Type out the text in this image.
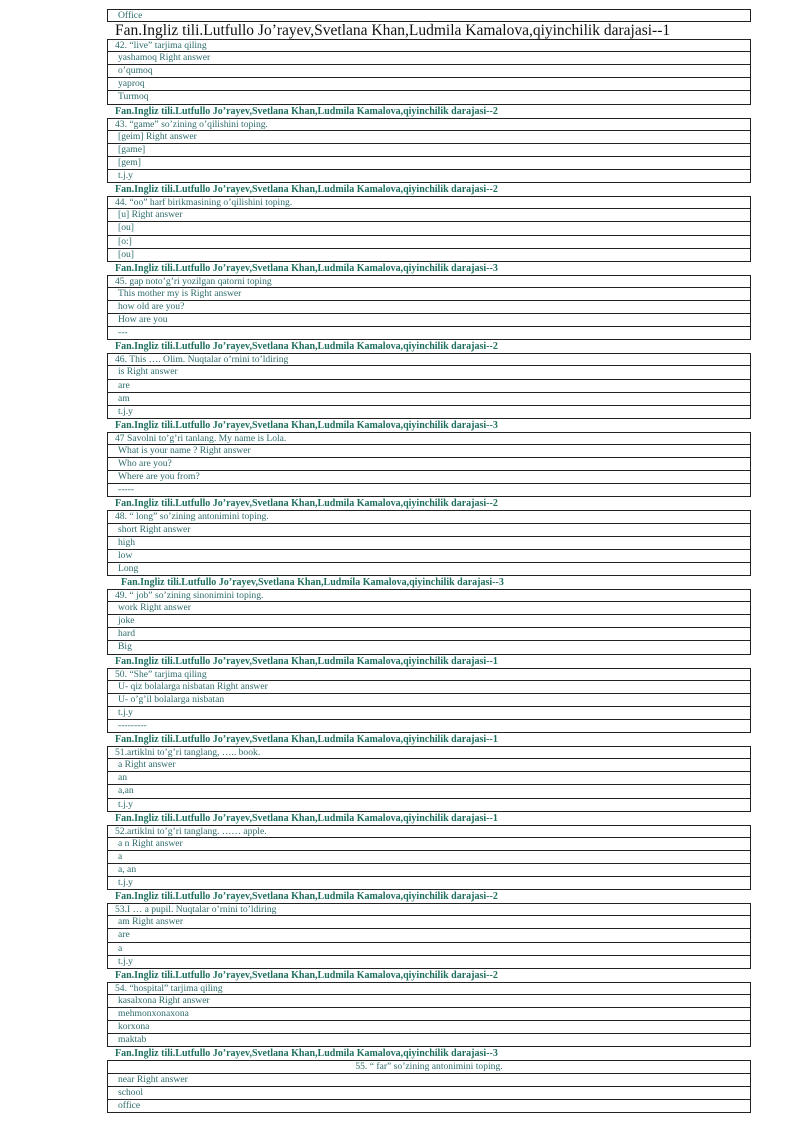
Office
Fan.Ingliz tili.Lutfullo Jo’rayev,Svetlana Khan,Ludmila Kamalova,qiyinchilik darajasi--1
42. “live” tarjima qiling
yashamoq Right answer
o’qumoq
yaproq
Turmoq
Fan.Ingliz tili.Lutfullo Jo’rayev,Svetlana Khan,Ludmila Kamalova,qiyinchilik darajasi--2
43. “game” so’zining o’qilishini toping.
[geim] Right answer
[game]
[gem]
t.j.y
Fan.Ingliz tili.Lutfullo Jo’rayev,Svetlana Khan,Ludmila Kamalova,qiyinchilik darajasi--2
44. “oo” harf birikmasining o’qilishini toping.
[u] Right answer
[ou]
[o:]
[ou]
Fan.Ingliz tili.Lutfullo Jo’rayev,Svetlana Khan,Ludmila Kamalova,qiyinchilik darajasi--3
45. gap noto’g’ri yozilgan qatorni toping
This mother my is Right answer
how old are you?
How are you
---
Fan.Ingliz tili.Lutfullo Jo’rayev,Svetlana Khan,Ludmila Kamalova,qiyinchilik darajasi--2
46. This …. Olim. Nuqtalar o’rnini to’ldiring
is Right answer
are
am
t.j.y
Fan.Ingliz tili.Lutfullo Jo’rayev,Svetlana Khan,Ludmila Kamalova,qiyinchilik darajasi--3
47 Savolni to’g’ri tanlang. My name is Lola.
What is your name ? Right answer
Who are you?
Where are you from?
-----
Fan.Ingliz tili.Lutfullo Jo’rayev,Svetlana Khan,Ludmila Kamalova,qiyinchilik darajasi--2
48. “ long” so’zining antonimini toping.
short Right answer
high
low
Long
Fan.Ingliz tili.Lutfullo Jo’rayev,Svetlana Khan,Ludmila Kamalova,qiyinchilik darajasi--3
49. “ job” so’zining sinonimini toping.
work Right answer
joke
hard
Big
Fan.Ingliz tili.Lutfullo Jo’rayev,Svetlana Khan,Ludmila Kamalova,qiyinchilik darajasi--1
50. “She” tarjima qiling
U- qiz bolalarga nisbatan Right answer
U- o’g’il bolalarga nisbatan
t.j.y
---------
Fan.Ingliz tili.Lutfullo Jo’rayev,Svetlana Khan,Ludmila Kamalova,qiyinchilik darajasi--1
51.artiklni to’g’ri tanglang, ….. book.
a Right answer
an
a,an
t.j.y
Fan.Ingliz tili.Lutfullo Jo’rayev,Svetlana Khan,Ludmila Kamalova,qiyinchilik darajasi--1
52.artiklni to’g’ri tanglang. …… apple.
a n Right answer
a
a, an
t.j.y
Fan.Ingliz tili.Lutfullo Jo’rayev,Svetlana Khan,Ludmila Kamalova,qiyinchilik darajasi--2
53.I … a pupil. Nuqtalar o’rnini to’ldiring
am Right answer
are
a
t.j.y
Fan.Ingliz tili.Lutfullo Jo’rayev,Svetlana Khan,Ludmila Kamalova,qiyinchilik darajasi--2
54. “hospital” tarjima qiling
kasalxona Right answer
mehmonxonaxona
korxona
maktab
Fan.Ingliz tili.Lutfullo Jo’rayev,Svetlana Khan,Ludmila Kamalova,qiyinchilik darajasi--3
55. “ far” so’zining antonimini toping.
near Right answer
school
office
